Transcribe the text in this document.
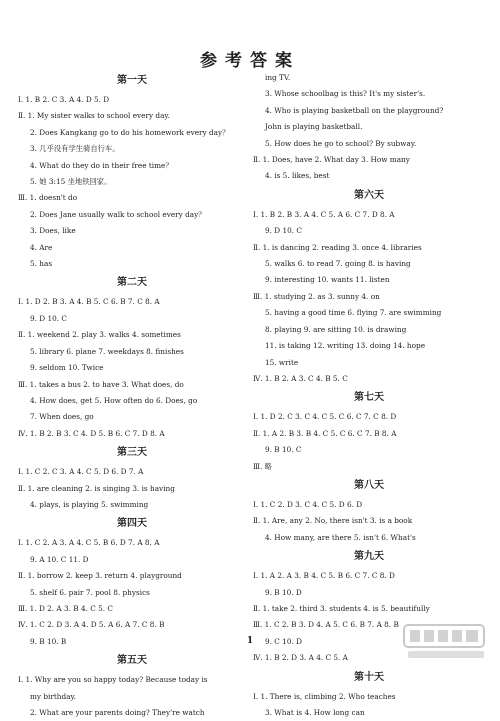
参考答案
第一天
Ⅰ. 1. B 2. C 3. A 4. D 5. D
Ⅱ. 1. My sister walks to school every day.
2. Does Kangkang go to do his homework every day？
3. 几乎没有学生骑自行车。
4. What do they do in their free time？
5. 她 3:15 坐地铁回家。
Ⅲ. 1. doesn't do
2. Does Jane usually walk to school every day？
3. Does, like
4. Are
5. has
第二天
Ⅰ. 1. D 2. B 3. A 4. B 5. C 6. B 7. C 8. A
9. D 10. C
Ⅱ. 1. weekend 2. play 3. walks 4. sometimes
5. library 6. plane 7. weekdays 8. finishes
9. seldom 10. Twice
Ⅲ. 1. takes a bus 2. to have 3. What does, do
4. How does, get 5. How often do 6. Does, go
7. When does, go
Ⅳ. 1. B 2. B 3. C 4. D 5. B 6. C 7. D 8. A
第三天
Ⅰ. 1. C 2. C 3. A 4. C 5. D 6. D 7. A
Ⅱ. 1. are cleaning 2. is singing 3. is having
4. plays, is playing 5. swimming
第四天
Ⅰ. 1. C 2. A 3. A 4. C 5. B 6. D 7. A 8. A
9. A 10. C 11. D
Ⅱ. 1. borrow 2. keep 3. return 4. playground
5. shelf 6. pair 7. pool 8. physics
Ⅲ. 1. D 2. A 3. B 4. C 5. C
Ⅳ. 1. C 2. D 3. A 4. D 5. A 6. A 7. C 8. B
9. B 10. B
第五天
Ⅰ. 1. Why are you so happy today? Because today is
my birthday.
2. What are your parents doing? They're watch
ing TV.
3. Whose schoolbag is this? It's my sister's.
4. Who is playing basketball on the playground?
John is playing basketball.
5. How does he go to school? By subway.
Ⅱ. 1. Does, have 2. What day 3. How many
4. is 5. likes, best
第六天
Ⅰ. 1. B 2. B 3. A 4. C 5. A 6. C 7. D 8. A
9. D 10. C
Ⅱ. 1. is dancing 2. reading 3. once 4. libraries
5. walks 6. to read 7. going 8. is having
9. interesting 10. wants 11. listen
Ⅲ. 1. studying 2. as 3. sunny 4. on
5. having a good time 6. flying 7. are swimming
8. playing 9. are sitting 10. is drawing
11. is taking 12. writing 13. doing 14. hope
15. write
Ⅳ. 1. B 2. A 3. C 4. B 5. C
第七天
Ⅰ. 1. D 2. C 3. C 4. C 5. C 6. C 7. C 8. D
Ⅱ. 1. A 2. B 3. B 4. C 5. C 6. C 7. B 8. A
9. B 10. C
Ⅲ. 略
第八天
Ⅰ. 1. C 2. D 3. C 4. C 5. D 6. D
Ⅱ. 1. Are, any 2. No, there isn't 3. is a book
4. How many, are there 5. isn't 6. What's
第九天
Ⅰ. 1. A 2. A 3. B 4. C 5. B 6. C 7. C 8. D
9. B 10. D
Ⅱ. 1. take 2. third 3. students 4. is 5. beautifully
Ⅲ. 1. C 2. B 3. D 4. A 5. C 6. B 7. A 8. B
9. C 10. D
Ⅳ. 1. B 2. D 3. A 4. C 5. A
第十天
Ⅰ. 1. There is, climbing 2. Who teaches
3. What is 4. How long can
1
